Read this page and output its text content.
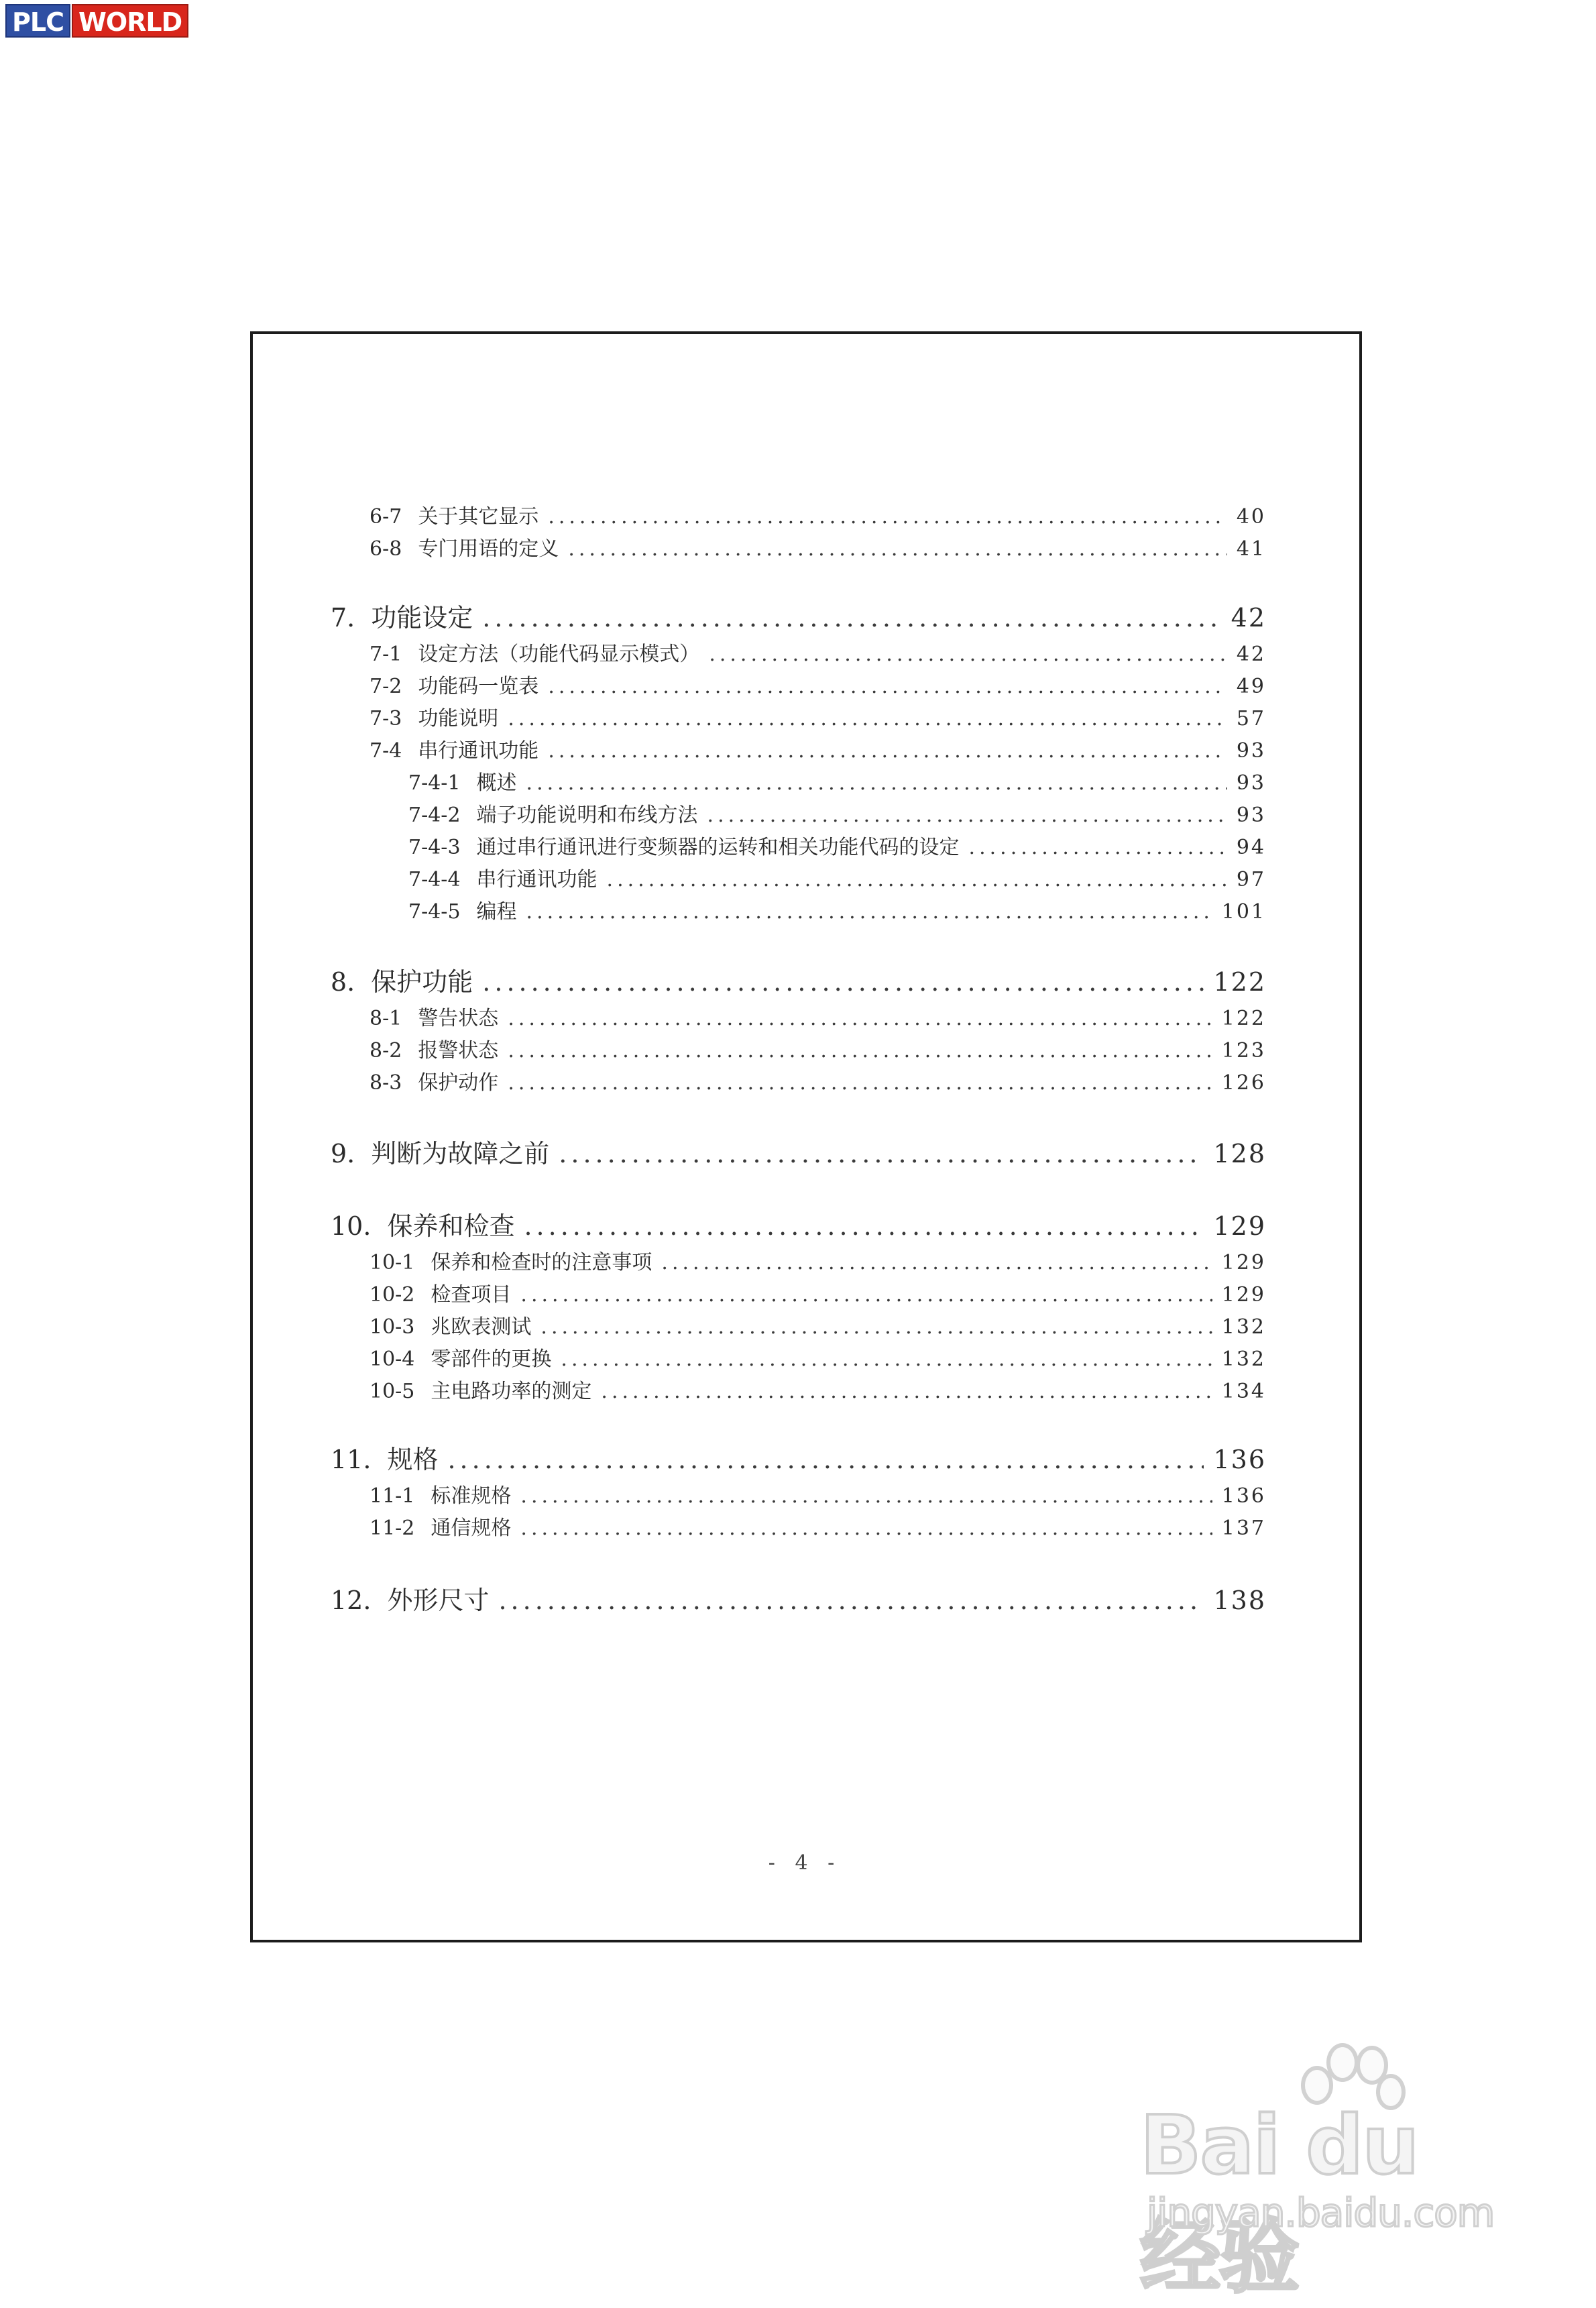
PLC WORLD
6-7 关于其它显示 .....	40
6-8 专门用语的定义 .....	41
7. 功能设定 .....	42
7-1 设定方法（功能代码显示模式） .....	42
7-2 功能码一览表 .....	49
7-3 功能说明 .....	57
7-4 串行通讯功能 .....	93
7-4-1 概述 .....	93
7-4-2 端子功能说明和布线方法 .....	93
7-4-3 通过串行通讯进行变频器的运转和相关功能代码的设定 .....	94
7-4-4 串行通讯功能 .....	97
7-4-5 编程 .....	101
8. 保护功能 .....	122
8-1 警告状态 .....	122
8-2 报警状态 .....	123
8-3 保护动作 .....	126
9. 判断为故障之前 .....	128
10. 保养和检查 .....	129
10-1 保养和检查时的注意事项 .....	129
10-2 检查项目 .....	129
10-3 兆欧表测试 .....	132
10-4 零部件的更换 .....	132
10-5 主电路功率的测定 .....	134
11. 规格 .....	136
11-1 标准规格 .....	136
11-2 通信规格 .....	137
12. 外形尺寸 .....	138
- 4 -
Bai du 经验
jingyan.baidu.com
